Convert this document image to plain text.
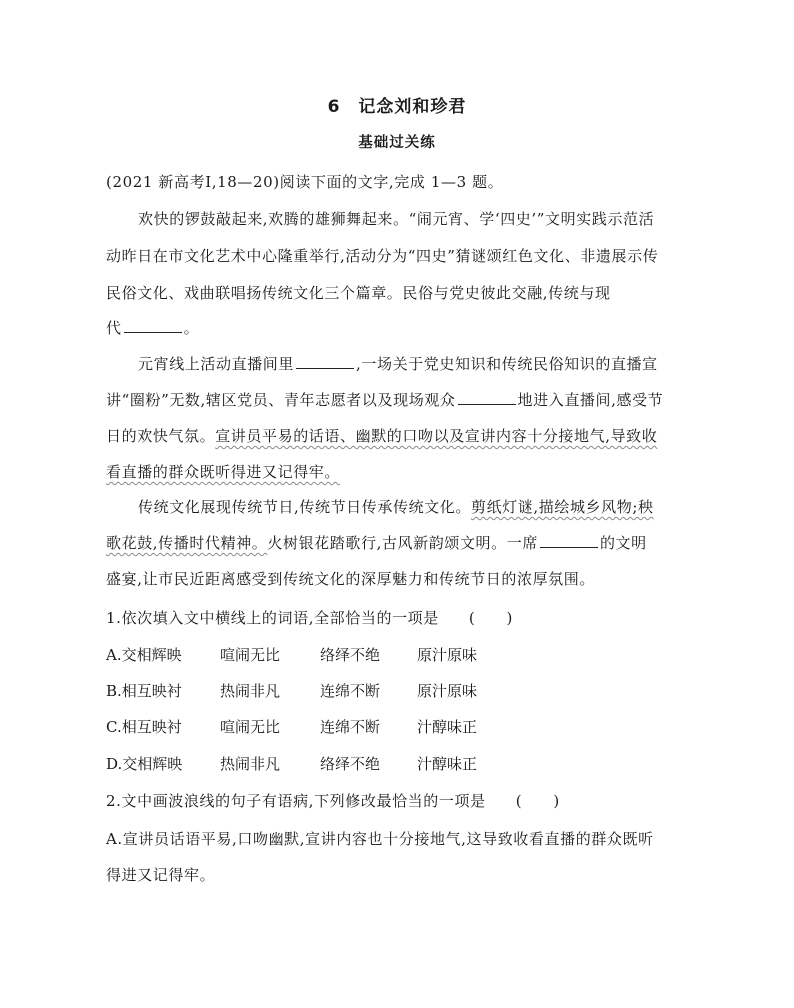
6 记念刘和珍君
基础过关练
(2021 新高考Ⅰ,18—20)阅读下面的文字,完成 1—3 题。
欢快的锣鼓敲起来,欢腾的雄狮舞起来。“闹元宵、学‘四史’”文明实践示范活
动昨日在市文化艺术中心隆重举行,活动分为“四史”猜谜颂红色文化、非遗展示传
民俗文化、戏曲联唱扬传统文化三个篇章。民俗与党史彼此交融,传统与现
代	。
元宵线上活动直播间里	,一场关于党史知识和传统民俗知识的直播宣
讲“圈粉”无数,辖区党员、青年志愿者以及现场观众	地进入直播间,感受节
日的欢快气氛。宣讲员平易的话语、幽默的口吻以及宣讲内容十分接地气,导致收
看直播的群众既听得进又记得牢。
传统文化展现传统节日,传统节日传承传统文化。剪纸灯谜,描绘城乡风物;秧
歌花鼓,传播时代精神。火树银花踏歌行,古风新韵颂文明。一席	的文明
盛宴,让市民近距离感受到传统文化的深厚魅力和传统节日的浓厚氛围。
1.依次填入文中横线上的词语,全部恰当的一项是 (　　)
A.交相辉映	喧闹无比	络绎不绝 原汁原味
B.相互映衬	热闹非凡	连绵不断 原汁原味
C.相互映衬	喧闹无比	连绵不断 汁醇味正
D.交相辉映	热闹非凡	络绎不绝 汁醇味正
2.文中画波浪线的句子有语病,下列修改最恰当的一项是 (　　)
A.宣讲员话语平易,口吻幽默,宣讲内容也十分接地气,这导致收看直播的群众既听
得进又记得牢。
